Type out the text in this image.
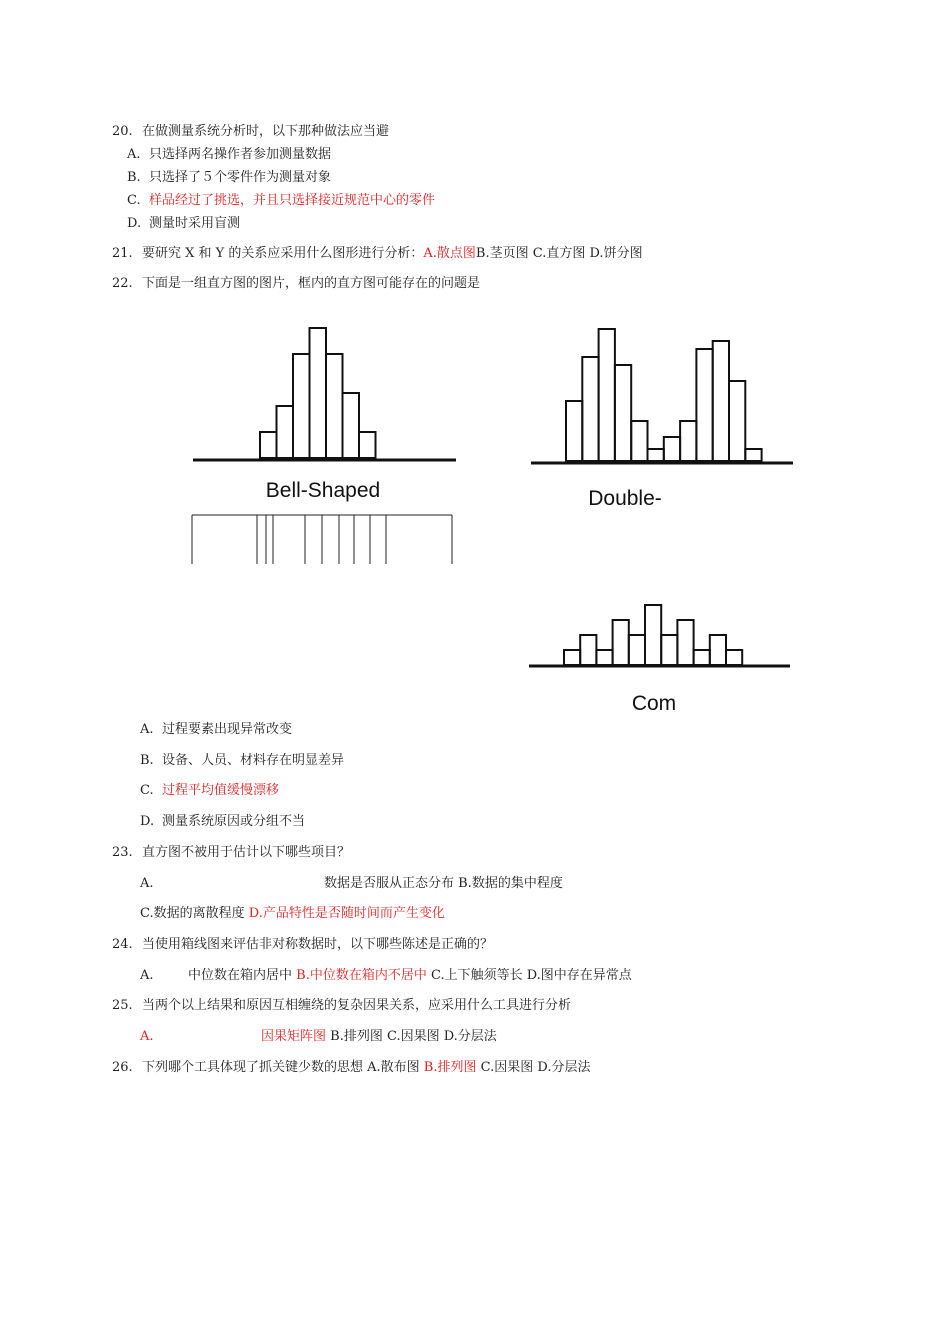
20. 在做测量系统分析时，以下那种做法应当避
A. 只选择两名操作者参加测量数据
B. 只选择了５个零件作为测量对象
C. 样品经过了挑选，并且只选择接近规范中心的零件
D. 测量时采用盲测
21. 要研究 X 和 Y 的关系应采用什么图形进行分析：A.散点图B.茎页图 C.直方图 D.饼分图
22. 下面是一组直方图的图片，框内的直方图可能存在的问题是
Bell-Shaped	Double-
Com
A. 过程要素出现异常改变
B. 设备、人员、材料存在明显差异
C. 过程平均值缓慢漂移
D. 测量系统原因或分组不当
23. 直方图不被用于估计以下哪些项目？
A.	数据是否服从正态分布 B.数据的集中程度
C.数据的离散程度 D.产品特性是否随时间而产生变化
24. 当使用箱线图来评估非对称数据时，以下哪些陈述是正确的？
A.	中位数在箱内居中 B.中位数在箱内不居中 C.上下触须等长 D.图中存在异常点
25. 当两个以上结果和原因互相缠绕的复杂因果关系，应采用什么工具进行分析
A.	因果矩阵图 B.排列图 C.因果图 D.分层法
26. 下列哪个工具体现了抓关键少数的思想 A.散布图 B.排列图 C.因果图 D.分层法
